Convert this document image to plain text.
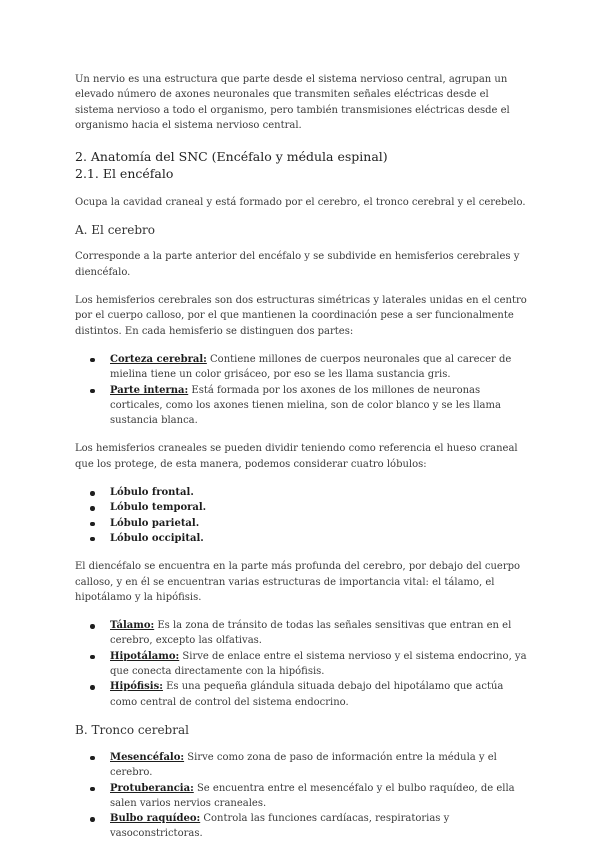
Un nervio es una estructura que parte desde el sistema nervioso central, agrupan un elevado número de axones neuronales que transmiten señales eléctricas desde el sistema nervioso a todo el organismo, pero también transmisiones eléctricas desde el organismo hacia el sistema nervioso central.

2. Anatomía del SNC (Encéfalo y médula espinal)
2.1. El encéfalo

Ocupa la cavidad craneal y está formado por el cerebro, el tronco cerebral y el cerebelo.

A. El cerebro

Corresponde a la parte anterior del encéfalo y se subdivide en hemisferios cerebrales y diencéfalo.

Los hemisferios cerebrales son dos estructuras simétricas y laterales unidas en el centro por el cuerpo calloso, por el que mantienen la coordinación pese a ser funcionalmente distintos. En cada hemisferio se distinguen dos partes:

Corteza cerebral: Contiene millones de cuerpos neuronales que al carecer de mielina tiene un color grisáceo, por eso se les llama sustancia gris.
Parte interna: Está formada por los axones de los millones de neuronas corticales, como los axones tienen mielina, son de color blanco y se les llama sustancia blanca.

Los hemisferios craneales se pueden dividir teniendo como referencia el hueso craneal que los protege, de esta manera, podemos considerar cuatro lóbulos:

Lóbulo frontal.
Lóbulo temporal.
Lóbulo parietal.
Lóbulo occipital.

El diencéfalo se encuentra en la parte más profunda del cerebro, por debajo del cuerpo calloso, y en él se encuentran varias estructuras de importancia vital: el tálamo, el hipotálamo y la hipófisis.

Tálamo: Es la zona de tránsito de todas las señales sensitivas que entran en el cerebro, excepto las olfativas.
Hipotálamo: Sirve de enlace entre el sistema nervioso y el sistema endocrino, ya que conecta directamente con la hipófisis.
Hipófisis: Es una pequeña glándula situada debajo del hipotálamo que actúa como central de control del sistema endocrino.
B. Tronco cerebral
Mesencéfalo: Sirve como zona de paso de información entre la médula y el cerebro.
Protuberancia: Se encuentra entre el mesencéfalo y el bulbo raquídeo, de ella salen varios nervios craneales.
Bulbo raquídeo: Controla las funciones cardíacas, respiratorias y vasoconstrictoras.
